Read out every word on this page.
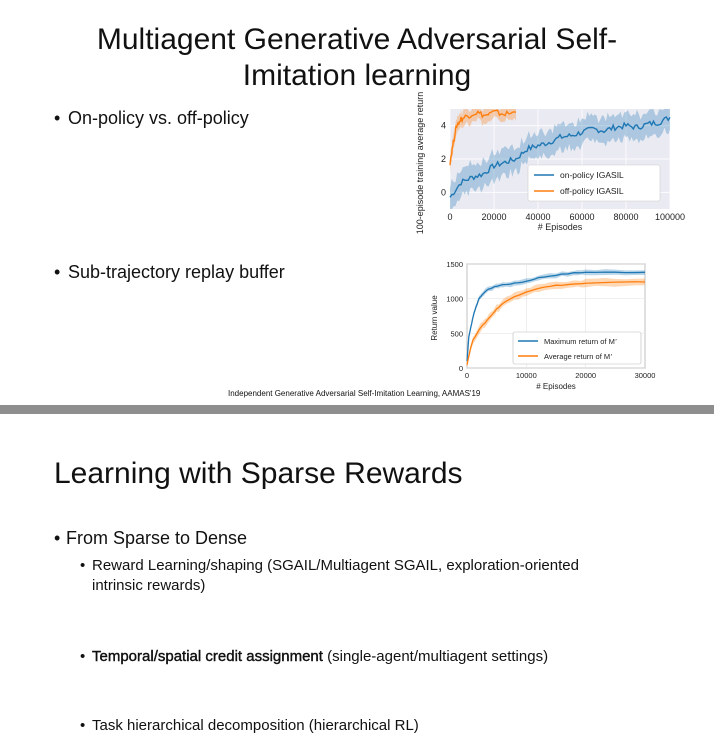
Multiagent Generative Adversarial Self-
Imitation learning
• On-policy vs. off-policy
• Sub-trajectory replay buffer
0	20000 40000 60000 80000 100000
0
2
4
100-episode training average return	# Episodes
on-policy IGASIL
off-policy IGASIL
0	10000	20000	30000
0
500
1000
1500
Return value
# Episodes
Maximum return of M'
Average return of M'
Independent Generative Adversarial Self-Imitation Learning, AAMAS'19
Learning with Sparse Rewards
• From Sparse to Dense
• Reward Learning/shaping (SGAIL/Multiagent SGAIL, exploration-oriented
intrinsic rewards)
• Temporal/spatial credit assignment (single-agent/multiagent settings)
• Task hierarchical decomposition (hierarchical RL)
